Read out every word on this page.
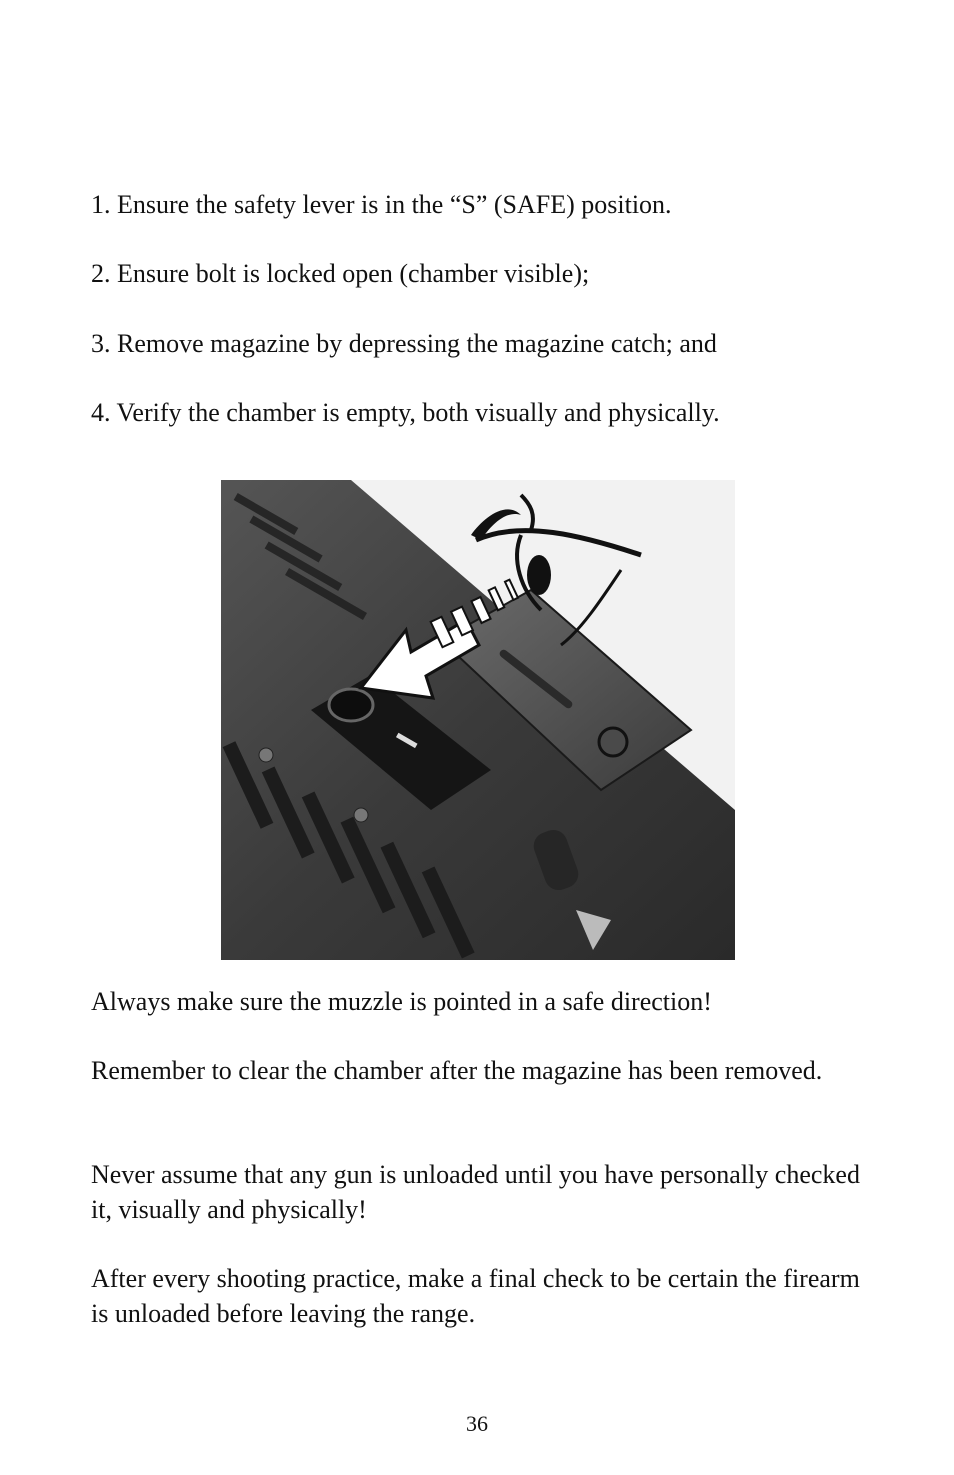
1. Ensure the safety lever is in the “S” (SAFE) position.

2. Ensure bolt is locked open (chamber visible);

3. Remove magazine by depressing the magazine catch; and

4. Verify the chamber is empty, both visually and physically.

Always make sure the muzzle is pointed in a safe direction!

Remember to clear the chamber after the magazine has been removed.

Never assume that any gun is unloaded until you have personally checked it, visually and physically!

After every shooting practice, make a final check to be certain the firearm is unloaded before leaving the range.

36
